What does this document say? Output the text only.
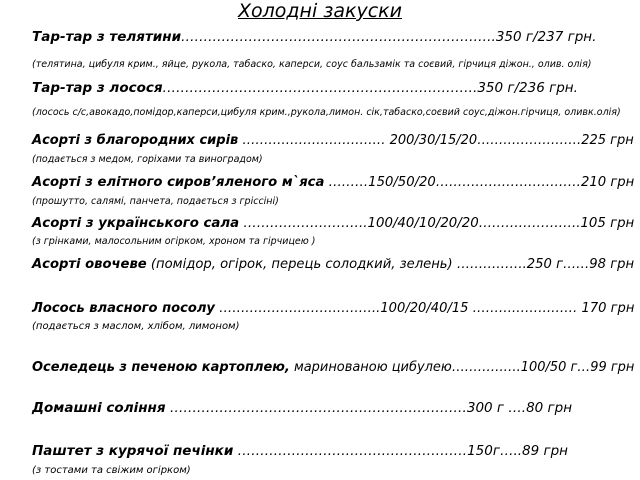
Холодні закуски
Тар-тар з телятини…………………………………………………………….350 г/237 грн.
(телятина, цибуля крим., яйце, рукола, табаско, каперси, соус бальзамік та соєвий, гірчиця діжон., олив. олія)
Тар-тар з лосося…………………………………………………………….350 г/236 грн.
(лосось с/с,авокадо,помідор,каперси,цибуля крим.,рукола,лимон. сік,табаско,соєвий соус,діжон.гірчиця, оливк.олія)
Асорті з благородних сирів …………………………… 200/30/15/20……………………225 грн
(подається з медом, горіхами та виноградом)
Асорті з елітного сиров’яленого м`яса ………150/50/20……………………………210 грн
(прошутто, салямі, панчета, подається з гріссіні)
Асорті з українського сала ……………………….100/40/10/20/20…………………..105 грн
(з грінками, малосольним огірком, хроном та гірчицею )
Асорті овочеве (помідор, огірок, перець солодкий, зелень) …………….250 г……98 грн
Лосось власного посолу ……………………………….100/20/40/15 …………………… 170 грн
(подається з маслом, хлібом, лимоном)
Оселедець з печеною картоплею, маринованою цибулею…………….100/50 г…99 грн
Домашні соління …………………………………………………………300 г ….80 грн
Паштет з курячої печінки ……………………………………………150г…..89 грн
(з тостами та свіжим огірком)
